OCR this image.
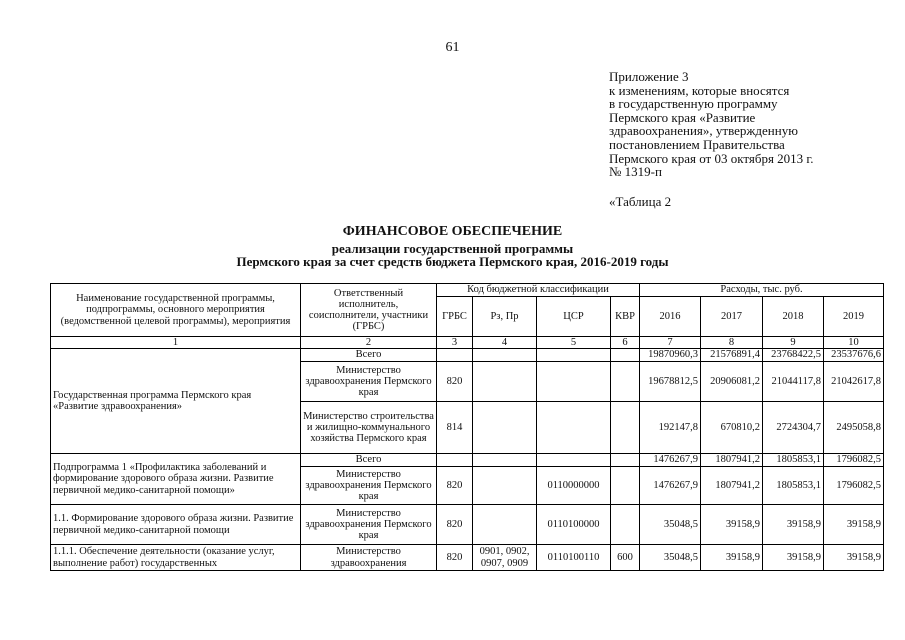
61
Приложение 3
к изменениям, которые вносятся
в государственную программу
Пермского края «Развитие
здравоохранения», утвержденную
постановлением Правительства
Пермского края от 03 октября 2013 г.
№ 1319-п
«Таблица 2
ФИНАНСОВОЕ ОБЕСПЕЧЕНИЕ
реализации государственной программы
Пермского края за счет средств бюджета Пермского края, 2016-2019 годы
Наименование государственной программы, подпрограммы, основного мероприятия (ведомственной целевой программы), мероприятия	Ответственный исполнитель, соисполнители, участники (ГРБС)	Код бюджетной классификации				Расходы, тыс. руб.			
		ГРБС	Рз, Пр	ЦСР	КВР	2016	2017	2018	2019
1	2	3	4	5	6	7	8	9	10
Государственная программа Пермского края «Развитие здравоохранения»	Всего					19870960,3	21576891,4	23768422,5	23537676,6
	Министерство здравоохранения Пермского края	820				19678812,5	20906081,2	21044117,8	21042617,8
	Министерство строительства и жилищно-коммунального хозяйства Пермского края	814				192147,8	670810,2	2724304,7	2495058,8
Подпрограмма 1 «Профилактика заболеваний и формирование здорового образа жизни. Развитие первичной медико-санитарной помощи»	Всего					1476267,9	1807941,2	1805853,1	1796082,5
	Министерство здравоохранения Пермского края	820		0110000000		1476267,9	1807941,2	1805853,1	1796082,5
1.1. Формирование здорового образа жизни. Развитие первичной медико-санитарной помощи	Министерство здравоохранения Пермского края	820		0110100000		35048,5	39158,9	39158,9	39158,9
1.1.1. Обеспечение деятельности (оказание услуг, выполнение работ) государственных	Министерство здравоохранения	820	0901, 0902, 0907, 0909	0110100110	600	35048,5	39158,9	39158,9	39158,9
